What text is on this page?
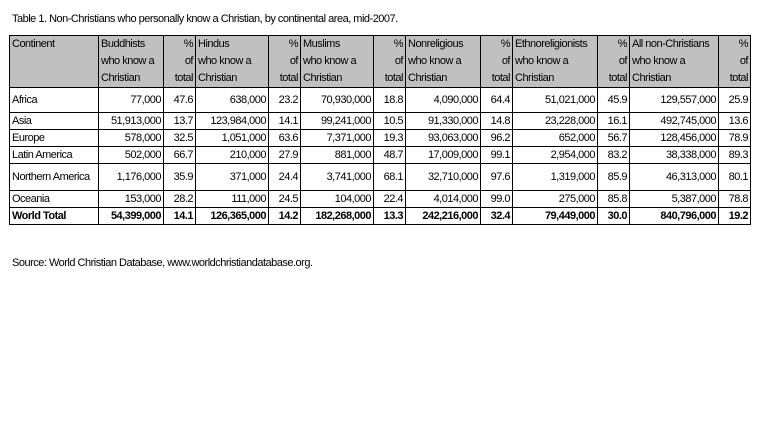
Table 1. Non-Christians who personally know a Christian, by continental area, mid-2007.
Continent	Buddhists	%	Hindus	%	Muslims	%	Nonreligious	%	Ethnoreligionists	%	All non-Christians	%
	who know a	of	who know a	of	who know a	of	who know a	of	who know a	of	who know a	of
	Christian	total	Christian	total	Christian	total	Christian	total	Christian	total	Christian	total
Africa	77,000	47.6	638,000	23.2	70,930,000	18.8	4,090,000	64.4	51,021,000	45.9	129,557,000	25.9
Asia	51,913,000	13.7	123,984,000	14.1	99,241,000	10.5	91,330,000	14.8	23,228,000	16.1	492,745,000	13.6
Europe	578,000	32.5	1,051,000	63.6	7,371,000	19.3	93,063,000	96.2	652,000	56.7	128,456,000	78.9
Latin America	502,000	66.7	210,000	27.9	881,000	48.7	17,009,000	99.1	2,954,000	83.2	38,338,000	89.3
Northern America	1,176,000	35.9	371,000	24.4	3,741,000	68.1	32,710,000	97.6	1,319,000	85.9	46,313,000	80.1
Oceania	153,000	28.2	111,000	24.5	104,000	22.4	4,014,000	99.0	275,000	85.8	5,387,000	78.8
World Total	54,399,000	14.1	126,365,000	14.2	182,268,000	13.3	242,216,000	32.4	79,449,000	30.0	840,796,000	19.2
Source: World Christian Database, www.worldchristiandatabase.org.
